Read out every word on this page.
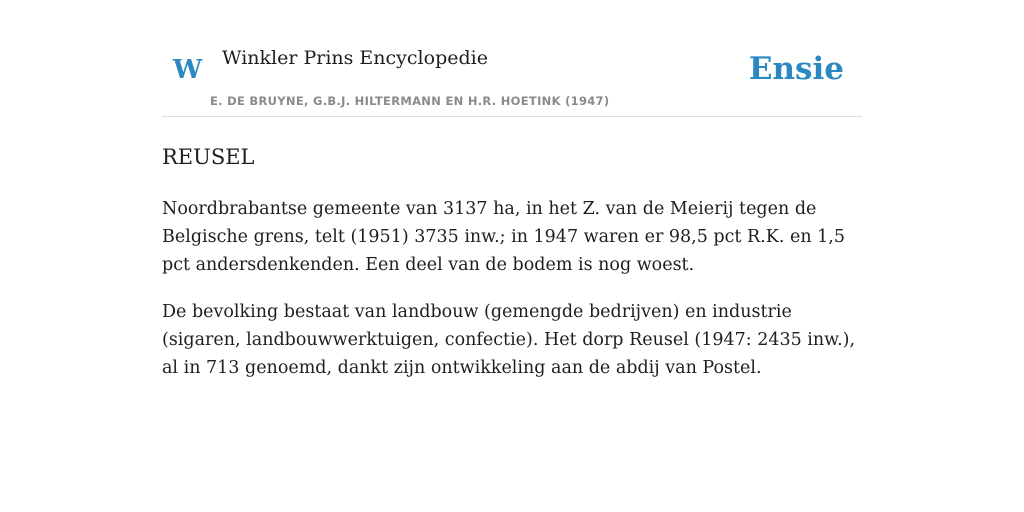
W Winkler Prins Encyclopedie
E. DE BRUYNE, G.B.J. HILTERMANN EN H.R. HOETINK (1947)
Ensie
REUSEL

Noordbrabantse gemeente van 3137 ha, in het Z. van de Meierij tegen de Belgische grens, telt (1951) 3735 inw.; in 1947 waren er 98,5 pct R.K. en 1,5 pct andersdenkenden. Een deel van de bodem is nog woest.

De bevolking bestaat van landbouw (gemengde bedrijven) en industrie (sigaren, landbouwwerktuigen, confectie). Het dorp Reusel (1947: 2435 inw.), al in 713 genoemd, dankt zijn ontwikkeling aan de abdij van Postel.
